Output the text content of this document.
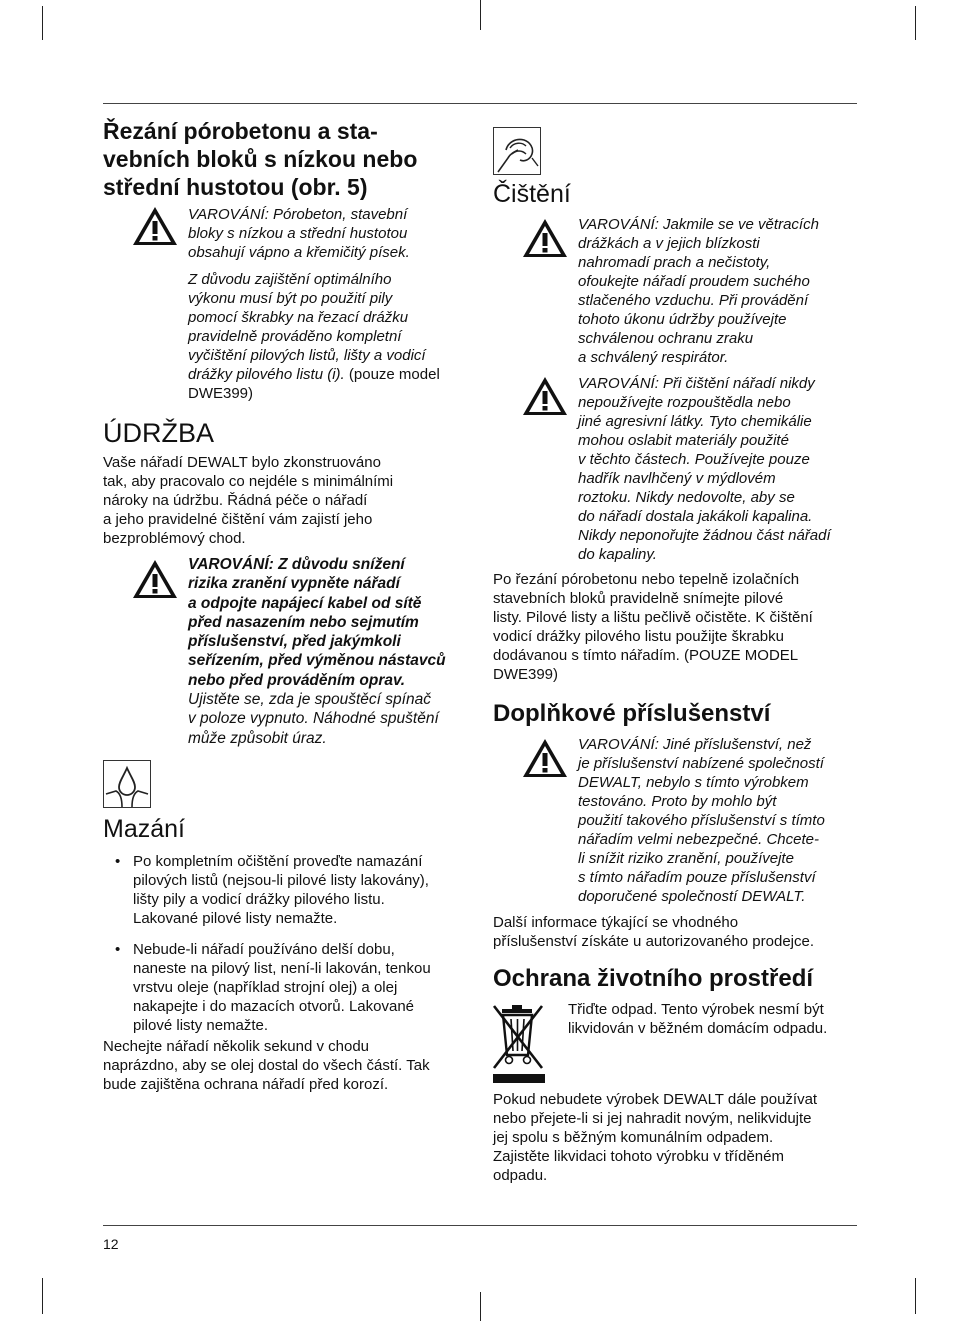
Řezání pórobetonu a sta-
vebních bloků s nízkou nebo
střední hustotou (obr. 5)
VAROVÁNÍ: Pórobeton, stavební
bloky s nízkou a střední hustotou
obsahují vápno a křemičitý písek.
Z důvodu zajištění optimálního
výkonu musí být po použití pily
pomocí škrabky na řezací drážku
pravidelně prováděno kompletní
vyčištění pilových listů, lišty a vodicí
drážky pilového listu (i). (pouze model
DWE399)
ÚDRŽBA

Vaše nářadí DEWALT bylo zkonstruováno
tak, aby pracovalo co nejdéle s minimálními
nároky na údržbu. Řádná péče o nářadí
a jeho pravidelné čištění vám zajistí jeho
bezproblémový chod.

VAROVÁNÍ: Z důvodu snížení
rizika zranění vypněte nářadí
a odpojte napájecí kabel od sítě
před nasazením nebo sejmutím
příslušenství, před jakýmkoli
seřízením, před výměnou nástavců
nebo před prováděním oprav.
Ujistěte se, zda je spouštěcí spínač
v poloze vypnuto. Náhodné spuštění
může způsobit úraz.
Mazání
• Po kompletním očištění proveďte namazání
pilových listů (nejsou-li pilové listy lakovány),
lišty pily a vodicí drážky pilového listu.
Lakované pilové listy nemažte.
• Nebude-li nářadí používáno delší dobu,
naneste na pilový list, není-li lakován, tenkou
vrstvu oleje (například strojní olej) a olej
nakapejte i do mazacích otvorů. Lakované
pilové listy nemažte.

Nechejte nářadí několik sekund v chodu
naprázdno, aby se olej dostal do všech částí. Tak
bude zajištěna ochrana nářadí před korozí.

12
Čištění
VAROVÁNÍ: Jakmile se ve větracích
drážkách a v jejich blízkosti
nahromadí prach a nečistoty,
ofoukejte nářadí proudem suchého
stlačeného vzduchu. Při provádění
tohoto úkonu údržby používejte
schválenou ochranu zraku
a schválený respirátor.
VAROVÁNÍ: Při čištění nářadí nikdy
nepoužívejte rozpouštědla nebo
jiné agresivní látky. Tyto chemikálie
mohou oslabit materiály použité
v těchto částech. Používejte pouze
hadřík navlhčený v mýdlovém
roztoku. Nikdy nedovolte, aby se
do nářadí dostala jakákoli kapalina.
Nikdy neponořujte žádnou část nářadí
do kapaliny.

Po řezání pórobetonu nebo tepelně izolačních
stavebních bloků pravidelně snímejte pilové
listy. Pilové listy a lištu pečlivě očistěte. K čištění
vodicí drážky pilového listu použijte škrabku
dodávanou s tímto nářadím. (POUZE MODEL
DWE399)

Doplňkové příslušenství
VAROVÁNÍ: Jiné příslušenství, než
je příslušenství nabízené společností
DEWALT, nebylo s tímto výrobkem
testováno. Proto by mohlo být
použití takového příslušenství s tímto
nářadím velmi nebezpečné. Chcete-
li snížit riziko zranění, používejte
s tímto nářadím pouze příslušenství
doporučené společností DEWALT.

Další informace týkající se vhodného
příslušenství získáte u autorizovaného prodejce.

Ochrana životního prostředí

Třiďte odpad. Tento výrobek nesmí být
likvidován v běžném domácím odpadu.

Pokud nebudete výrobek DEWALT dále používat
nebo přejete-li si jej nahradit novým, nelikvidujte
jej spolu s běžným komunálním odpadem.
Zajistěte likvidaci tohoto výrobku v tříděném
odpadu.
